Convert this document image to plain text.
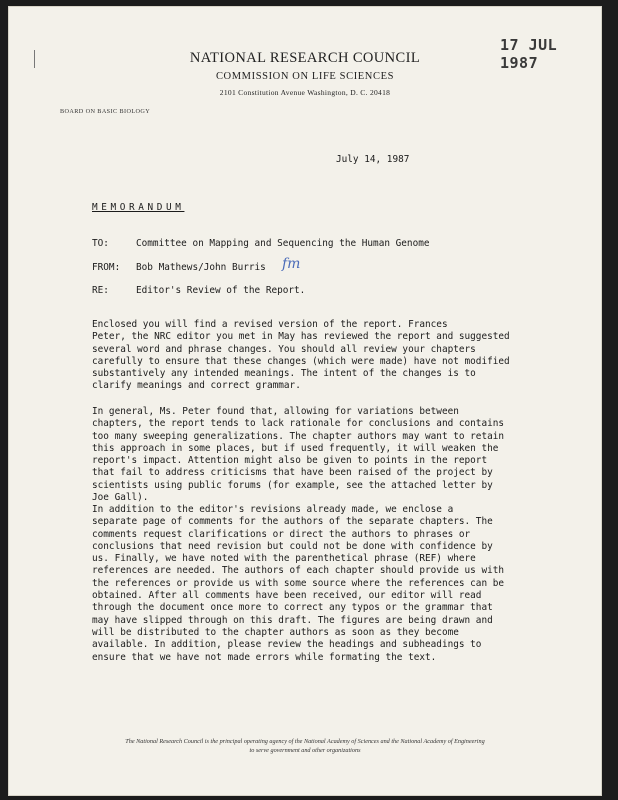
17 JUL 1987
NATIONAL RESEARCH COUNCIL
COMMISSION ON LIFE SCIENCES
2101 Constitution Avenue Washington, D. C. 20418
BOARD ON BASIC BIOLOGY
July 14, 1987
MEMORANDUM
TO:	Committee on Mapping and Sequencing the Human Genome
FROM: Bob Mathews/John Burris fm
RE:	Editor's Review of the Report.
Enclosed you will find a revised version of the report. Frances
Peter, the NRC editor you met in May has reviewed the report and suggested
several word and phrase changes. You should all review your chapters
carefully to ensure that these changes (which were made) have not modified
substantively any intended meanings. The intent of the changes is to
clarify meanings and correct grammar.
In general, Ms. Peter found that, allowing for variations between
chapters, the report tends to lack rationale for conclusions and contains
too many sweeping generalizations. The chapter authors may want to retain
this approach in some places, but if used frequently, it will weaken the
report's impact. Attention might also be given to points in the report
that fail to address criticisms that have been raised of the project by
scientists using public forums (for example, see the attached letter by
Joe Gall).
In addition to the editor's revisions already made, we enclose a
separate page of comments for the authors of the separate chapters. The
comments request clarifications or direct the authors to phrases or
conclusions that need revision but could not be done with confidence by
us. Finally, we have noted with the parenthetical phrase (REF) where
references are needed. The authors of each chapter should provide us with
the references or provide us with some source where the references can be
obtained. After all comments have been received, our editor will read
through the document once more to correct any typos or the grammar that
may have slipped through on this draft. The figures are being drawn and
will be distributed to the chapter authors as soon as they become
available. In addition, please review the headings and subheadings to
ensure that we have not made errors while formating the text.
The National Research Council is the principal operating agency of the National Academy of Sciences and the National Academy of Engineering
to serve government and other organizations
